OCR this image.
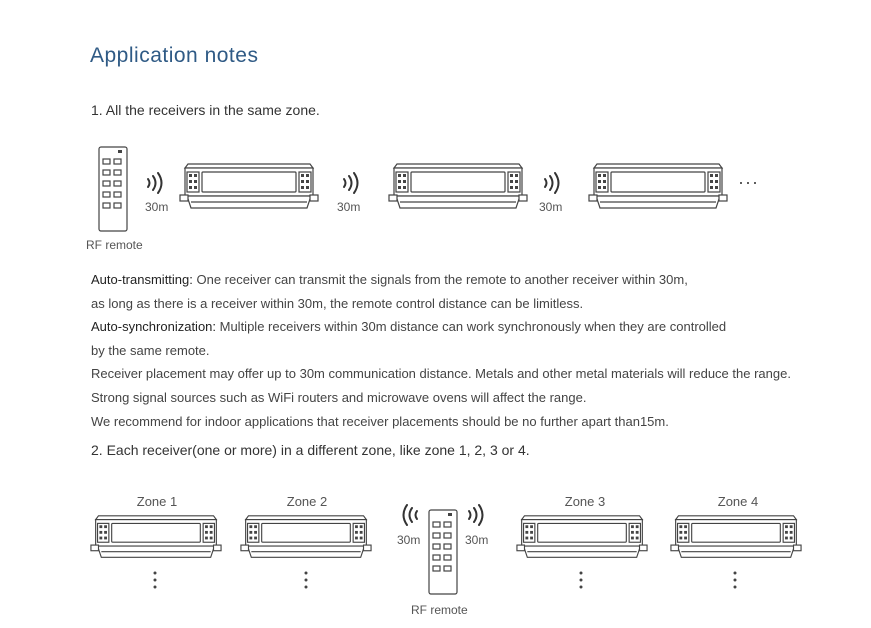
Application notes
1. All the receivers in the same zone.
RF remote
30m	30m	30m
···
Auto-transmitting: One receiver can transmit the signals from the remote to another receiver within 30m,
as long as there is a receiver within 30m, the remote control distance can be limitless.
Auto-synchronization: Multiple receivers within 30m distance can work synchronously when they are controlled
by the same remote.
Receiver placement may offer up to 30m communication distance. Metals and other metal materials will reduce the range.
Strong signal sources such as WiFi routers and microwave ovens will affect the range.
We recommend for indoor applications that receiver placements should be no further apart than15m.
2. Each receiver(one or more) in a different zone, like zone 1, 2, 3 or 4.
Zone 1	Zone 2	Zone 3	Zone 4
30m	30m
RF remote
